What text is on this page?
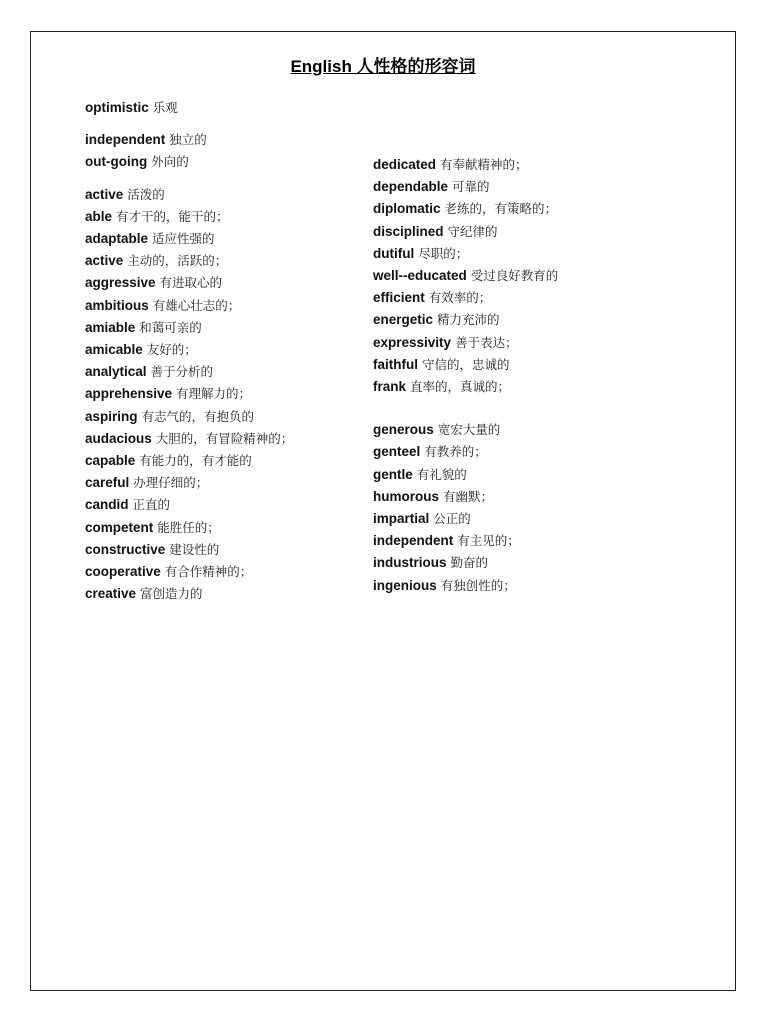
English 人性格的形容词
optimistic 乐观
independent 独立的
out-going 外向的
active 活泼的
able 有才干的，能干的；
adaptable 适应性强的
active 主动的，活跃的；
aggressive 有进取心的
ambitious 有雄心壮志的；
amiable 和蔼可亲的
amicable 友好的；
analytical 善于分析的
apprehensive 有理解力的；
aspiring 有志气的，有抱负的
audacious 大胆的，有冒险精神的；
capable 有能力的，有才能的
careful 办理仔细的；
candid 正直的
competent 能胜任的；
constructive 建设性的
cooperative 有合作精神的；
creative 富创造力的
dedicated 有奉献精神的；
dependable 可靠的
diplomatic 老练的，有策略的；
disciplined 守纪律的
dutiful 尽职的；
well--educated 受过良好教育的
efficient 有效率的；
energetic 精力充沛的
expressivity 善于表达；
faithful 守信的，忠诚的
frank 直率的，真诚的；
generous 宽宏大量的
genteel 有教养的；
gentle 有礼貌的
humorous 有幽默；
impartial 公正的
independent 有主见的；
industrious 勤奋的
ingenious 有独创性的；
